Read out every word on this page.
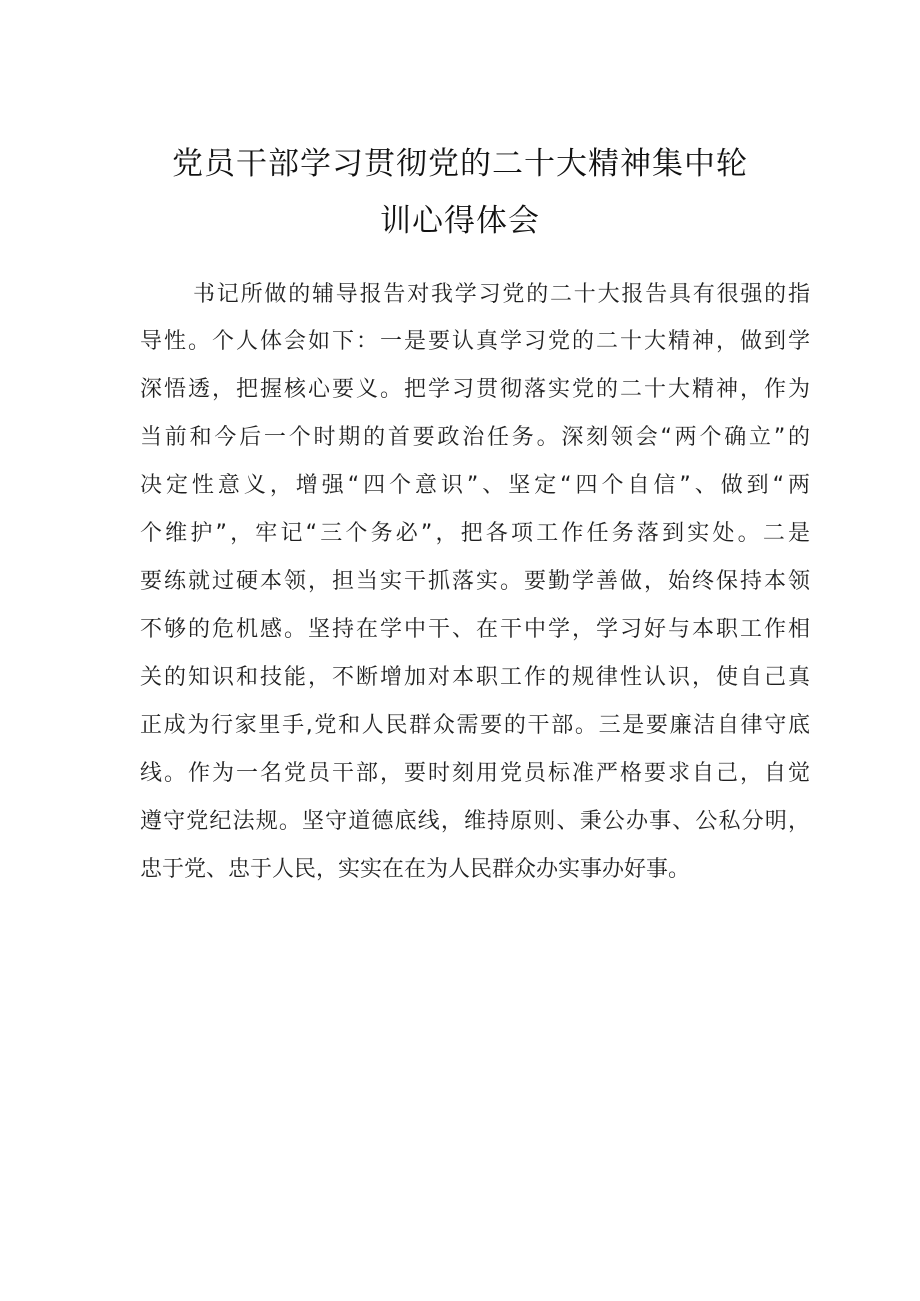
党员干部学习贯彻党的二十大精神集中轮
训心得体会
书记所做的辅导报告对我学习党的二十大报告具有很强的指
导性。个人体会如下：一是要认真学习党的二十大精神，做到学
深悟透，把握核心要义。把学习贯彻落实党的二十大精神，作为
当前和今后一个时期的首要政治任务。深刻领会“两个确立”的
决定性意义，增强“四个意识”、坚定“四个自信”、做到“两
个维护”，牢记“三个务必”，把各项工作任务落到实处。二是
要练就过硬本领，担当实干抓落实。要勤学善做，始终保持本领
不够的危机感。坚持在学中干、在干中学，学习好与本职工作相
关的知识和技能，不断增加对本职工作的规律性认识，使自己真
正成为行家里手,党和人民群众需要的干部。三是要廉洁自律守底
线。作为一名党员干部，要时刻用党员标准严格要求自己，自觉
遵守党纪法规。坚守道德底线，维持原则、秉公办事、公私分明，
忠于党、忠于人民，实实在在为人民群众办实事办好事。
